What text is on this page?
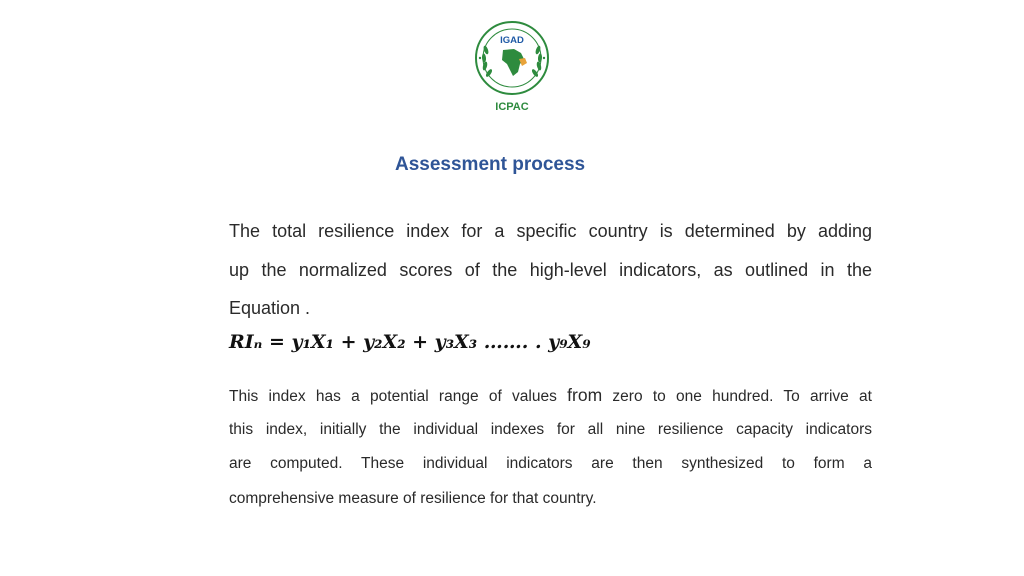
IGAD
ICPAC
Assessment process
The total resilience index for a specific country is determined by adding
up the normalized scores of the high-level indicators, as outlined in the
Equation .
RIₙ = y₁X₁ + y₂X₂ + y₃X₃ ……. . y₉X₉
This index has a potential range of values from zero to one hundred. To arrive at
this index, initially the individual indexes for all nine resilience capacity indicators
are computed. These individual indicators are then synthesized to form a
comprehensive measure of resilience for that country.
